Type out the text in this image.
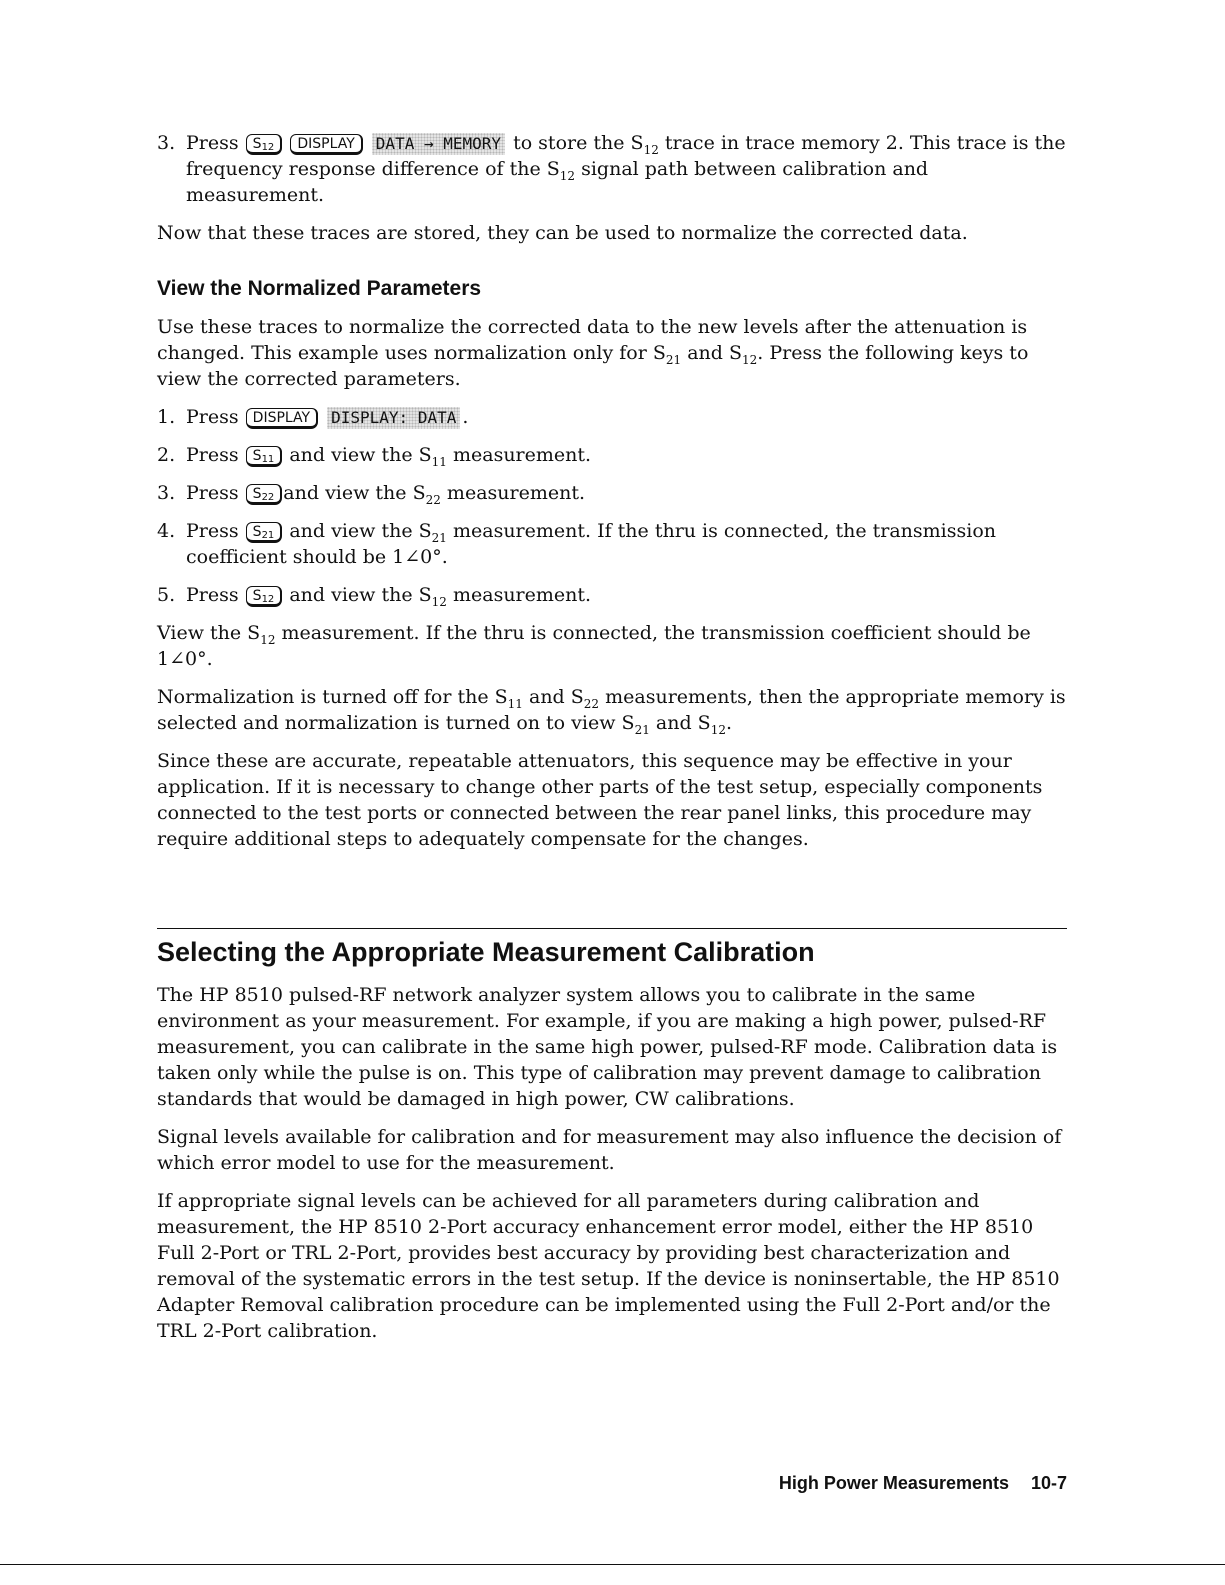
3. Press $S_{12}$ DISPLAY DATA → MEMORY to store the $S_{12}$ trace in trace memory 2. This trace is the frequency response difference of the $S_{12}$ signal path between calibration and measurement.

Now that these traces are stored, they can be used to normalize the corrected data.

View the Normalized Parameters

Use these traces to normalize the corrected data to the new levels after the attenuation is changed. This example uses normalization only for $S_{21}$ and $S_{12}$. Press the following keys to view the corrected parameters.

1. Press DISPLAY DISPLAY: DATA .
2. Press $S_{11}$ and view the $S_{11}$ measurement.
3. Press $S_{22}$ and view the $S_{22}$ measurement.
4. Press $S_{21}$ and view the $S_{21}$ measurement. If the thru is connected, the transmission coefficient should be 1∠0°.
5. Press $S_{12}$ and view the $S_{12}$ measurement.

View the $S_{12}$ measurement. If the thru is connected, the transmission coefficient should be 1∠0°.

Normalization is turned off for the $S_{11}$ and $S_{22}$ measurements, then the appropriate memory is selected and normalization is turned on to view $S_{21}$ and $S_{12}$.

Since these are accurate, repeatable attenuators, this sequence may be effective in your application. If it is necessary to change other parts of the test setup, especially components connected to the test ports or connected between the rear panel links, this procedure may require additional steps to adequately compensate for the changes.

Selecting the Appropriate Measurement Calibration

The HP 8510 pulsed-RF network analyzer system allows you to calibrate in the same environment as your measurement. For example, if you are making a high power, pulsed-RF measurement, you can calibrate in the same high power, pulsed-RF mode. Calibration data is taken only while the pulse is on. This type of calibration may prevent damage to calibration standards that would be damaged in high power, CW calibrations.

Signal levels available for calibration and for measurement may also influence the decision of which error model to use for the measurement.

If appropriate signal levels can be achieved for all parameters during calibration and measurement, the HP 8510 2-Port accuracy enhancement error model, either the HP 8510 Full 2-Port or TRL 2-Port, provides best accuracy by providing best characterization and removal of the systematic errors in the test setup. If the device is noninsertable, the HP 8510 Adapter Removal calibration procedure can be implemented using the Full 2-Port and/or the TRL 2-Port calibration.

High Power Measurements 10-7
